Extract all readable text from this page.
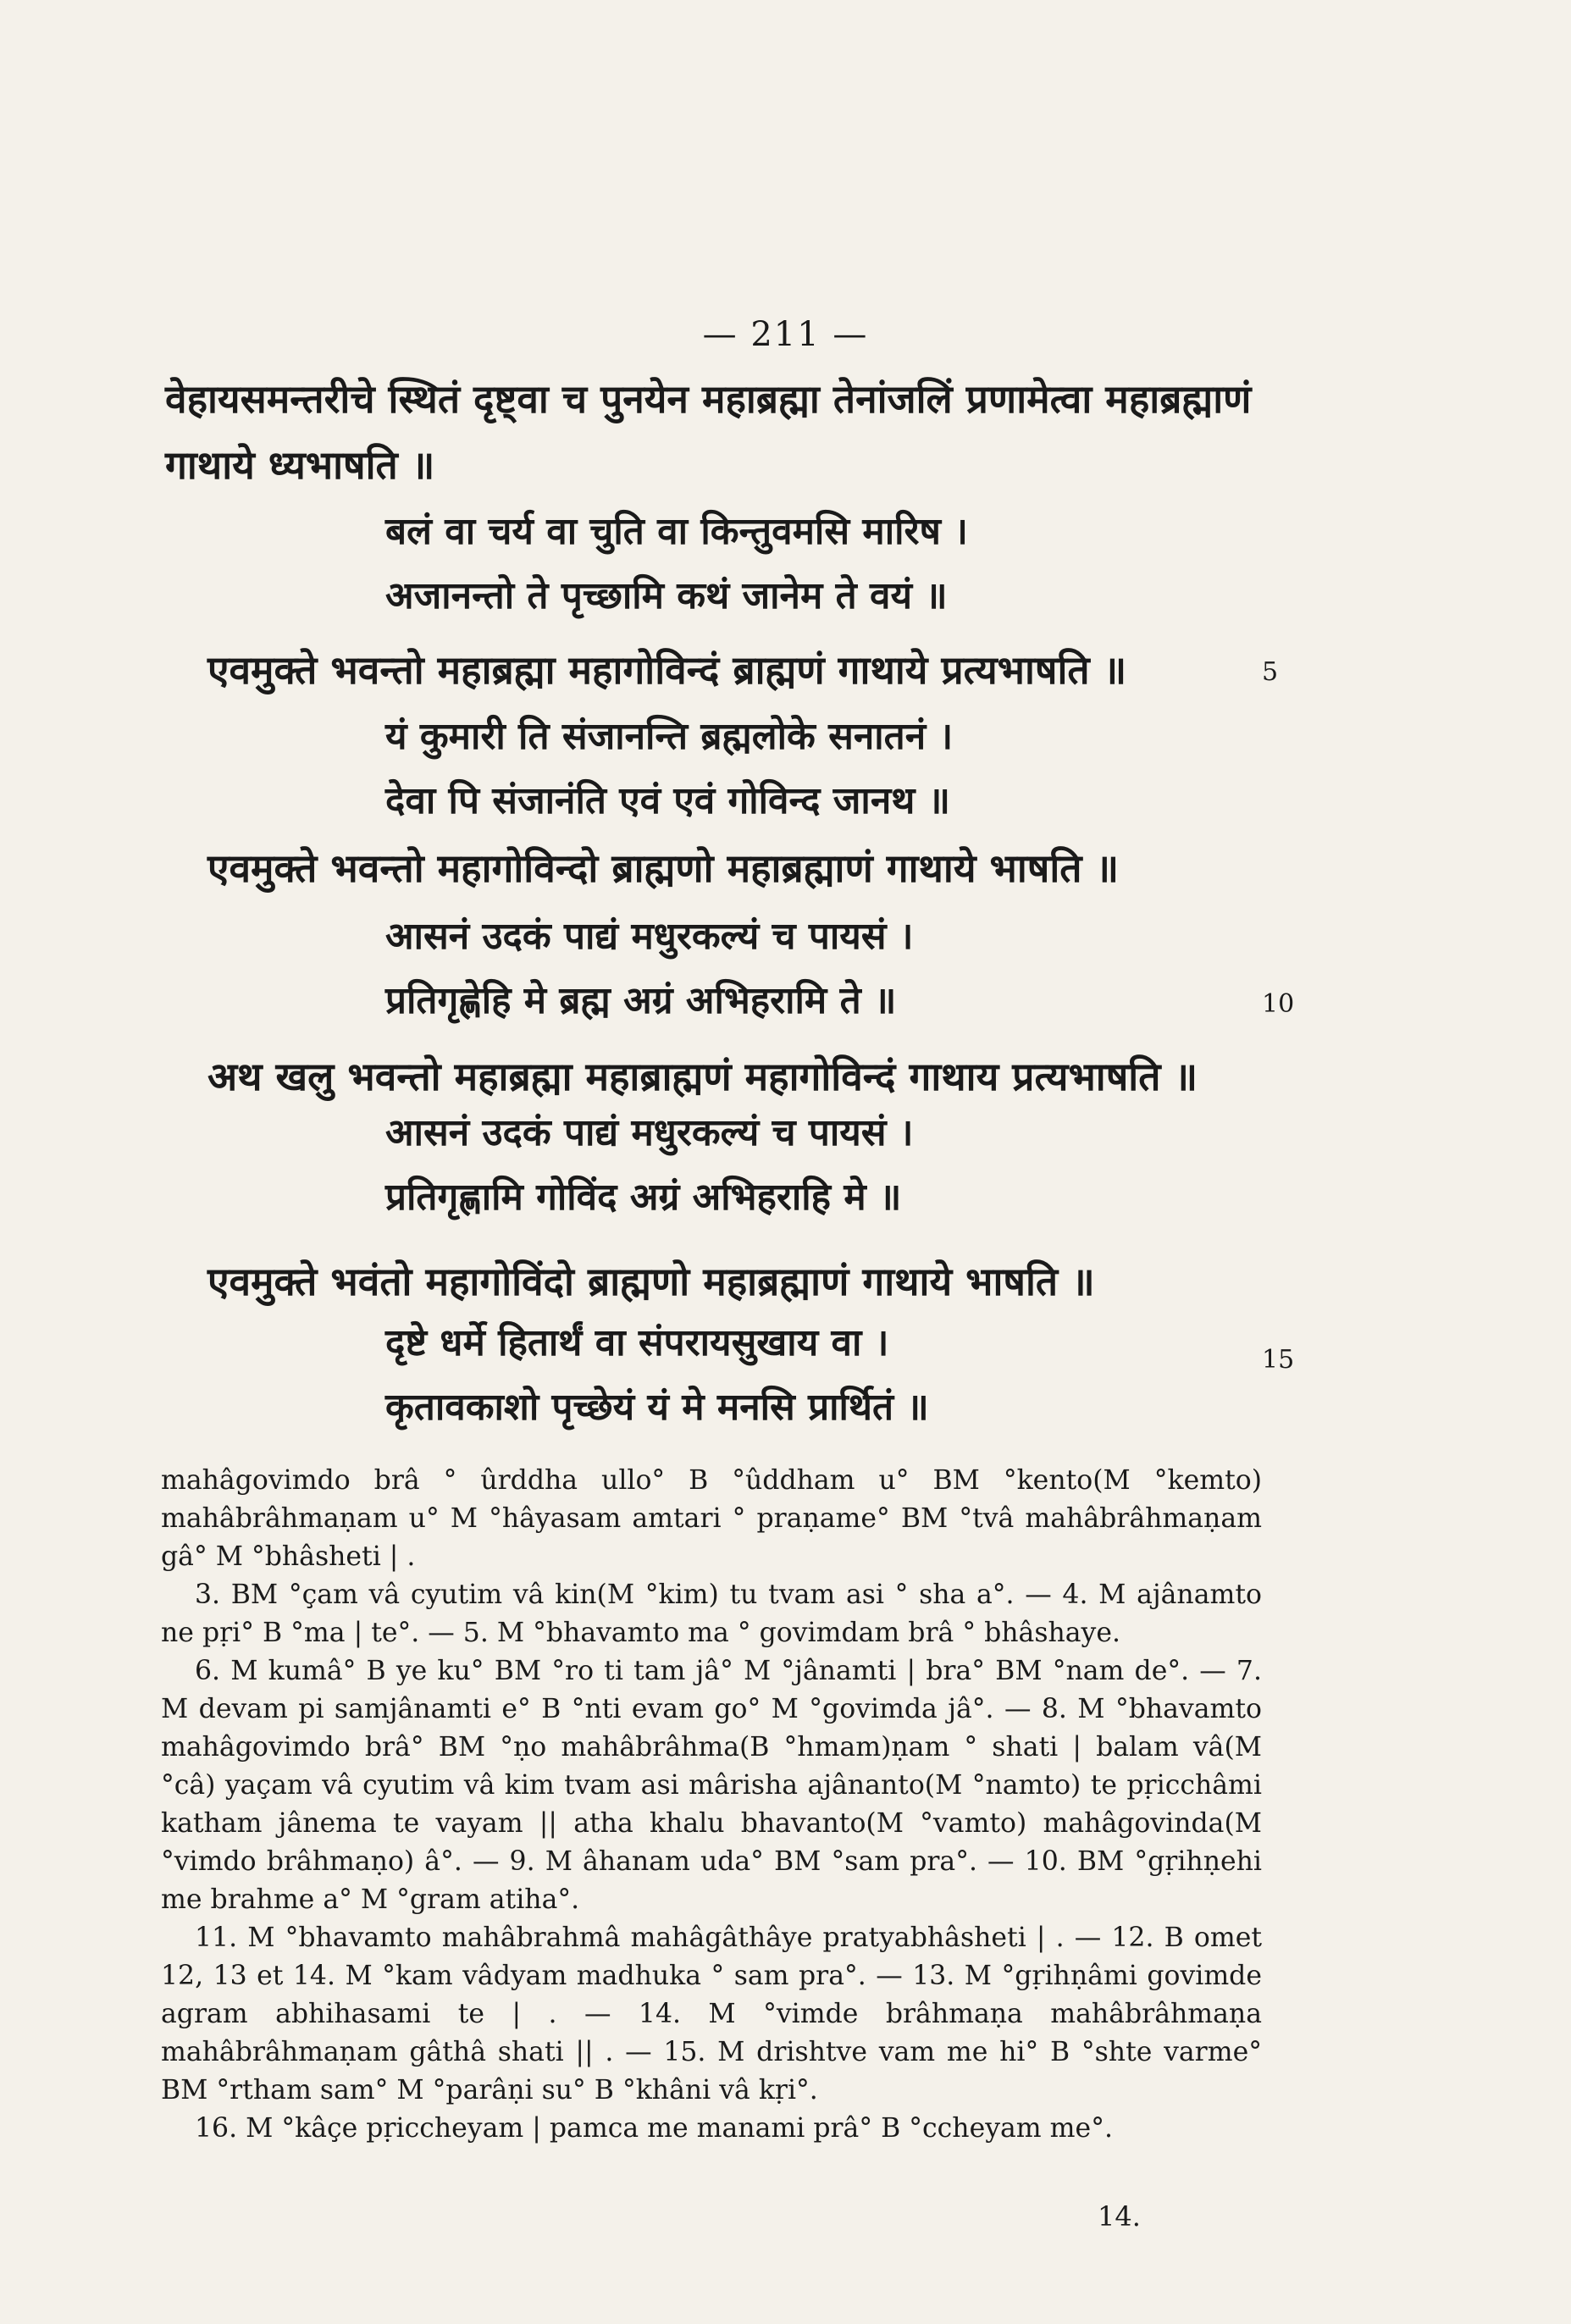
— 211 —
वेहायसमन्तरीचे स्थितं दृष्ट्वा च पुनयेन महाब्रह्मा तेनांजलिं प्रणामेत्वा महाब्रह्माणं गाथाये ध्यभाषति ॥
बलं वा चर्य वा चुति वा किन्तुवमसि मारिष ।
अजानन्तो ते पृच्छामि कथं जानेम ते वयं ॥
एवमुक्ते भवन्तो महाब्रह्मा महागोविन्दं ब्राह्मणं गाथाये प्रत्यभाषति ॥	5
यं कुमारी ति संजानन्ति ब्रह्मलोके सनातनं ।
देवा पि संजानंति एवं एवं गोविन्द जानथ ॥
एवमुक्ते भवन्तो महागोविन्दो ब्राह्मणो महाब्रह्माणं गाथाये भाषति ॥
आसनं उदकं पाद्यं मधुरकल्यं च पायसं ।
प्रतिगृह्णेहि मे ब्रह्म अग्रं अभिहरामि ते ॥	10
अथ खलु भवन्तो महाब्रह्मा महाब्राह्मणं महागोविन्दं गाथाय प्रत्यभाषति ॥
आसनं उदकं पाद्यं मधुरकल्यं च पायसं ।
प्रतिगृह्णामि गोविंद अग्रं अभिहराहि मे ॥
एवमुक्ते भवंतो महागोविंदो ब्राह्मणो महाब्रह्माणं गाथाये भाषति ॥
दृष्टे धर्मे हितार्थं वा संपरायसुखाय वा ।
कृतावकाशो पृच्छेयं यं मे मनसि प्रार्थितं ॥
15

mahâgovimdo brâ ° ûrddha ullo° B °ûddham u° BM °kento(M °kemto) mahâbrâhmaṇam u° M °hâyasam amtari ° praṇame° BM °tvâ mahâbrâhmaṇam gâ° M °bhâsheti | .

3. BM °çam vâ cyutim vâ kin(M °kim) tu tvam asi ° sha a°. — 4. M ajânamto ne pṛi° B °ma | te°. — 5. M °bhavamto ma ° govimdam brâ ° bhâshaye.

6. M kumâ° B ye ku° BM °ro ti tam jâ° M °jânamti | bra° BM °nam de°. — 7. M devam pi samjânamti e° B °nti evam go° M °govimda jâ°. — 8. M °bhavamto mahâgovimdo brâ° BM °ṇo mahâbrâhma(B °hmam)ṇam ° shati | balam vâ(M °câ) yaçam vâ cyutim vâ kim tvam asi mârisha ajânanto(M °namto) te pṛicchâmi katham jânema te vayam || atha khalu bhavanto(M °vamto) mahâgovinda(M °vimdo brâhmaṇo) â°. — 9. M âhanam uda° BM °sam pra°. — 10. BM °gṛihṇehi me brahme a° M °gram atiha°.

11. M °bhavamto mahâbrahmâ mahâgâthâye pratyabhâsheti | . — 12. B omet 12, 13 et 14. M °kam vâdyam madhuka ° sam pra°. — 13. M °gṛihṇâmi govimde agram abhihasami te | . — 14. M °vimde brâhmaṇa mahâbrâhmaṇa mahâbrâhmaṇam gâthâ shati || . — 15. M drishtve vam me hi° B °shte varme° BM °rtham sam° M °parâṇi su° B °khâni vâ kṛi°.

16. M °kâçe pṛiccheyam | pamca me manami prâ° B °ccheyam me°.

14.
